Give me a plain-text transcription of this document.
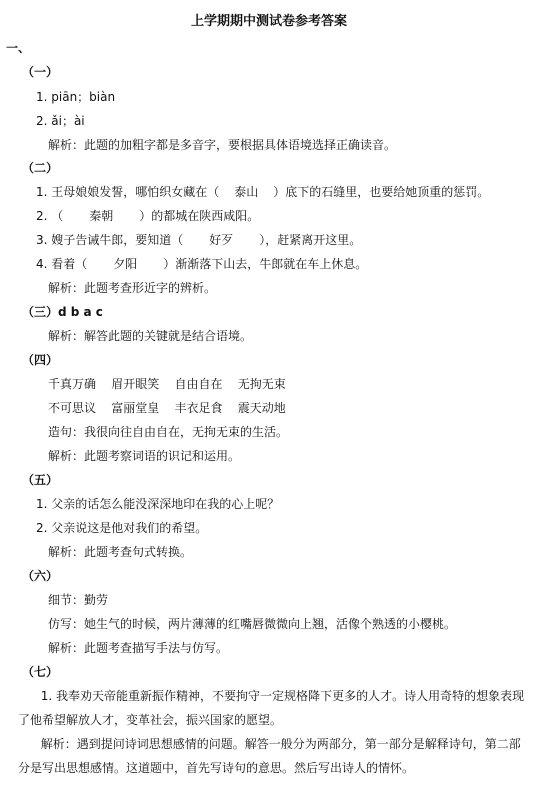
上学期期中测试卷参考答案
一、
（一）
1. piān；biàn
2. ǎi；ài
解析：此题的加粗字都是多音字，要根据具体语境选择正确读音。
（二）
1. 王母娘娘发誓，哪怕织女藏在（ 泰山 ）底下的石缝里，也要给她顶重的惩罚。
2. （ 秦朝 ）的都城在陕西咸阳。
3. 嫂子告诫牛郎，要知道（ 好歹 ），赶紧离开这里。
4. 看着（ 夕阳 ）渐渐落下山去，牛郎就在车上休息。
解析：此题考查形近字的辨析。
（三）d b a c
解析：解答此题的关键就是结合语境。
（四）
千真万确    眉开眼笑    自由自在    无拘无束
不可思议    富丽堂皇    丰衣足食    震天动地
造句：我很向往自由自在，无拘无束的生活。
解析：此题考察词语的识记和运用。
（五）
1. 父亲的话怎么能没深深地印在我的心上呢？
2. 父亲说这是他对我们的希望。
解析：此题考查句式转换。
（六）
细节：勤劳
仿写：她生气的时候，两片薄薄的红嘴唇微微向上翘，活像个熟透的小樱桃。
解析：此题考查描写手法与仿写。
（七）
1. 我奉劝天帝能重新振作精神，不要拘守一定规格降下更多的人才。诗人用奇特的想象表现了他希望解放人才，变革社会，振兴国家的愿望。
解析：遇到提问诗词思想感情的问题。解答一般分为两部分，第一部分是解释诗句，第二部分是写出思想感情。这道题中，首先写诗句的意思。然后写出诗人的情怀。
